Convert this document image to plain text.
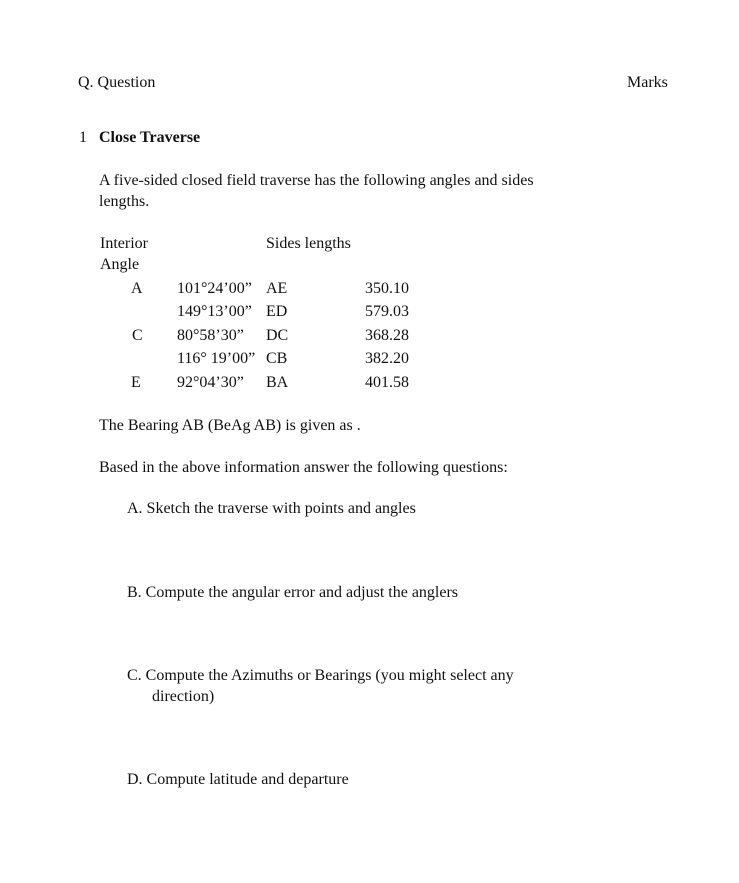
Q. Question	Marks
1 Close Traverse
A five-sided closed field traverse has the following angles and sides
lengths.
Interior
Angle
Sides lengths
A 101°24’00” AE	350.10
149°13’00” ED	579.03
C 80°58’30” DC	368.28
116° 19’00” CB	382.20
E 92°04’30” BA	401.58
The Bearing AB (BeAg AB) is given as .
Based in the above information answer the following questions:
A. Sketch the traverse with points and angles
B. Compute the angular error and adjust the anglers
C. Compute the Azimuths or Bearings (you might select any
direction)
D. Compute latitude and departure
